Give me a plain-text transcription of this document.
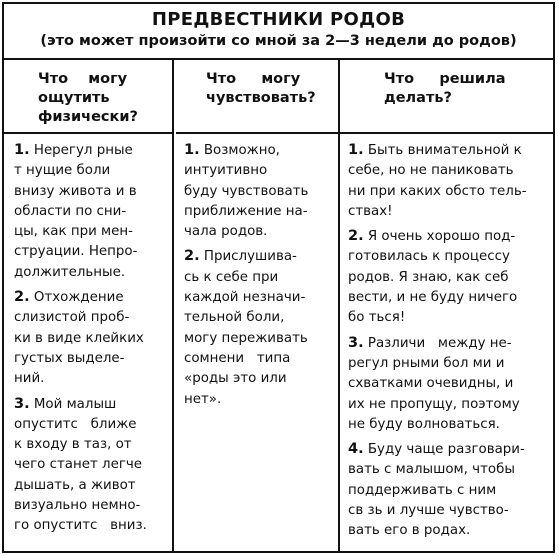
ПРЕДВЕСТНИКИ РОДОВ
(это может произойти со мной за 2—3 недели до родов)
Что    могу
ощутить
физически?
Что     могу
чувствовать?
Что     решила
делать?
1. Нерегул рные
т нущие боли
внизу живота и в
области по сни-
цы, как при мен-
струации. Непро-
должительные.
2. Отхождение
слизистой проб-
ки в виде клейких
густых выделе-
ний.
3. Мой малыш
опуститс   ближе
к входу в таз, от
чего станет легче
дышать, а живот
визуально немно-
го опуститс   вниз.
1. Возможно,
интуитивно
буду чувствовать
приближение на-
чала родов.
2. Прислушива-
сь к себе при
каждой незначи-
тельной боли,
могу переживать
сомнени   типа
«роды это или
нет».
1. Быть внимательной к
себе, но не паниковать
ни при каких обсто тель-
ствах!
2. Я очень хорошо под-
готовилась к процессу
родов. Я знаю, как себ
вести, и не буду ничего
бо ться!
3. Различи   между не-
регул рными бол ми и
схватками очевидны, и
их не пропущу, поэтому
не буду волноваться.
4. Буду чаще разговари-
вать с малышом, чтобы
поддерживать с ним
св зь и лучше чувство-
вать его в родах.
